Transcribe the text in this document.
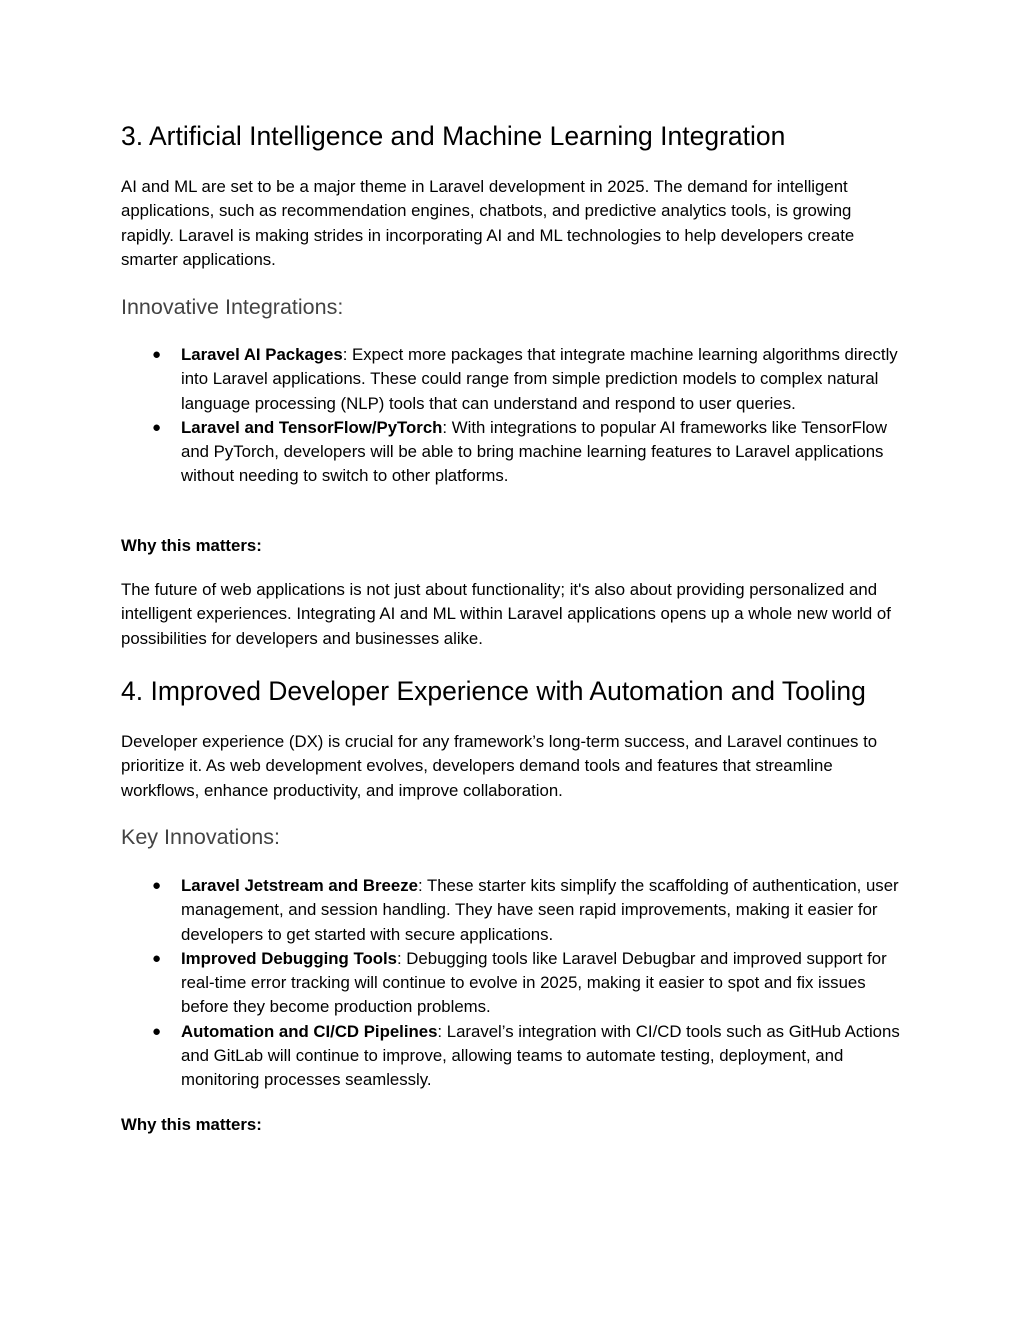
3. Artificial Intelligence and Machine Learning Integration

AI and ML are set to be a major theme in Laravel development in 2025. The demand for intelligent applications, such as recommendation engines, chatbots, and predictive analytics tools, is growing rapidly. Laravel is making strides in incorporating AI and ML technologies to help developers create smarter applications.

Innovative Integrations:
● Laravel AI Packages: Expect more packages that integrate machine learning algorithms directly into Laravel applications. These could range from simple prediction models to complex natural language processing (NLP) tools that can understand and respond to user queries.
● Laravel and TensorFlow/PyTorch: With integrations to popular AI frameworks like TensorFlow and PyTorch, developers will be able to bring machine learning features to Laravel applications without needing to switch to other platforms.

Why this matters:

The future of web applications is not just about functionality; it's also about providing personalized and intelligent experiences. Integrating AI and ML within Laravel applications opens up a whole new world of possibilities for developers and businesses alike.

4. Improved Developer Experience with Automation and Tooling

Developer experience (DX) is crucial for any framework’s long-term success, and Laravel continues to prioritize it. As web development evolves, developers demand tools and features that streamline workflows, enhance productivity, and improve collaboration.

Key Innovations:
● Laravel Jetstream and Breeze: These starter kits simplify the scaffolding of authentication, user management, and session handling. They have seen rapid improvements, making it easier for developers to get started with secure applications.
● Improved Debugging Tools: Debugging tools like Laravel Debugbar and improved support for real-time error tracking will continue to evolve in 2025, making it easier to spot and fix issues before they become production problems.
● Automation and CI/CD Pipelines: Laravel’s integration with CI/CD tools such as GitHub Actions and GitLab will continue to improve, allowing teams to automate testing, deployment, and monitoring processes seamlessly.

Why this matters:
